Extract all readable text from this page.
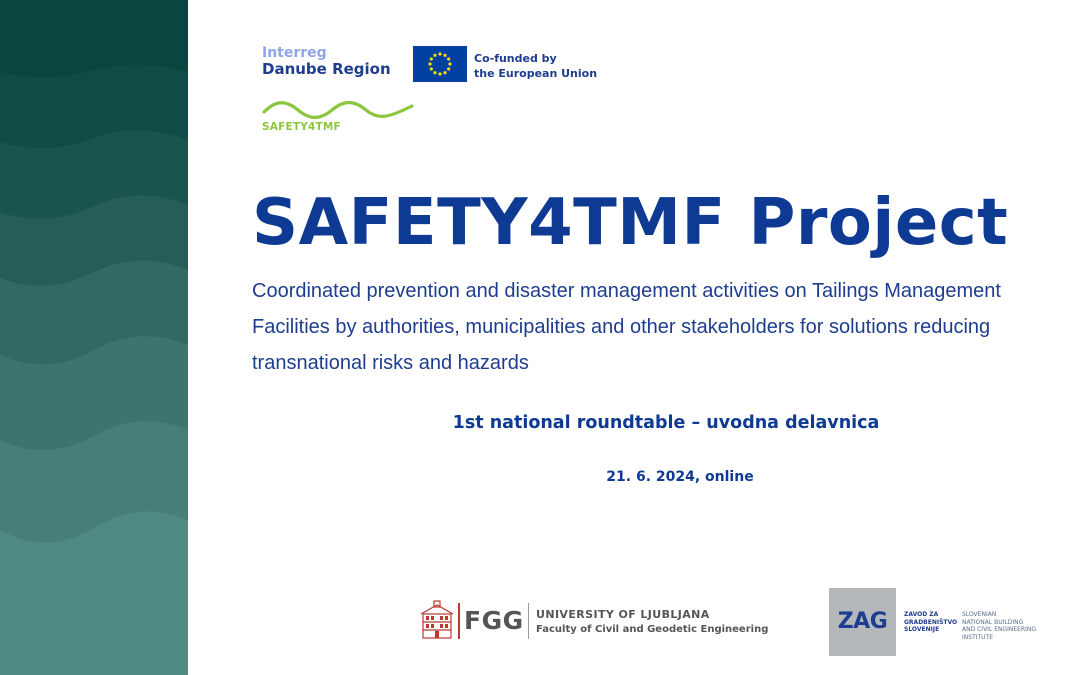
Interreg
Danube Region
Co-funded by
the European Union
SAFETY4TMF
SAFETY4TMF Project

Coordinated prevention and disaster management activities on Tailings Management Facilities by authorities, municipalities and other stakeholders for solutions reducing transnational risks and hazards

1st national roundtable – uvodna delavnica
21. 6. 2024, online
FGG UNIVERSITY OF LJUBLJANA
Faculty of Civil and Geodetic Engineering	ZAG	ZAVOD ZA
GRADBENIŠTVO
SLOVENIJE
SLOVENIAN
NATIONAL BUILDING
AND CIVIL ENGINEERING
INSTITUTE
